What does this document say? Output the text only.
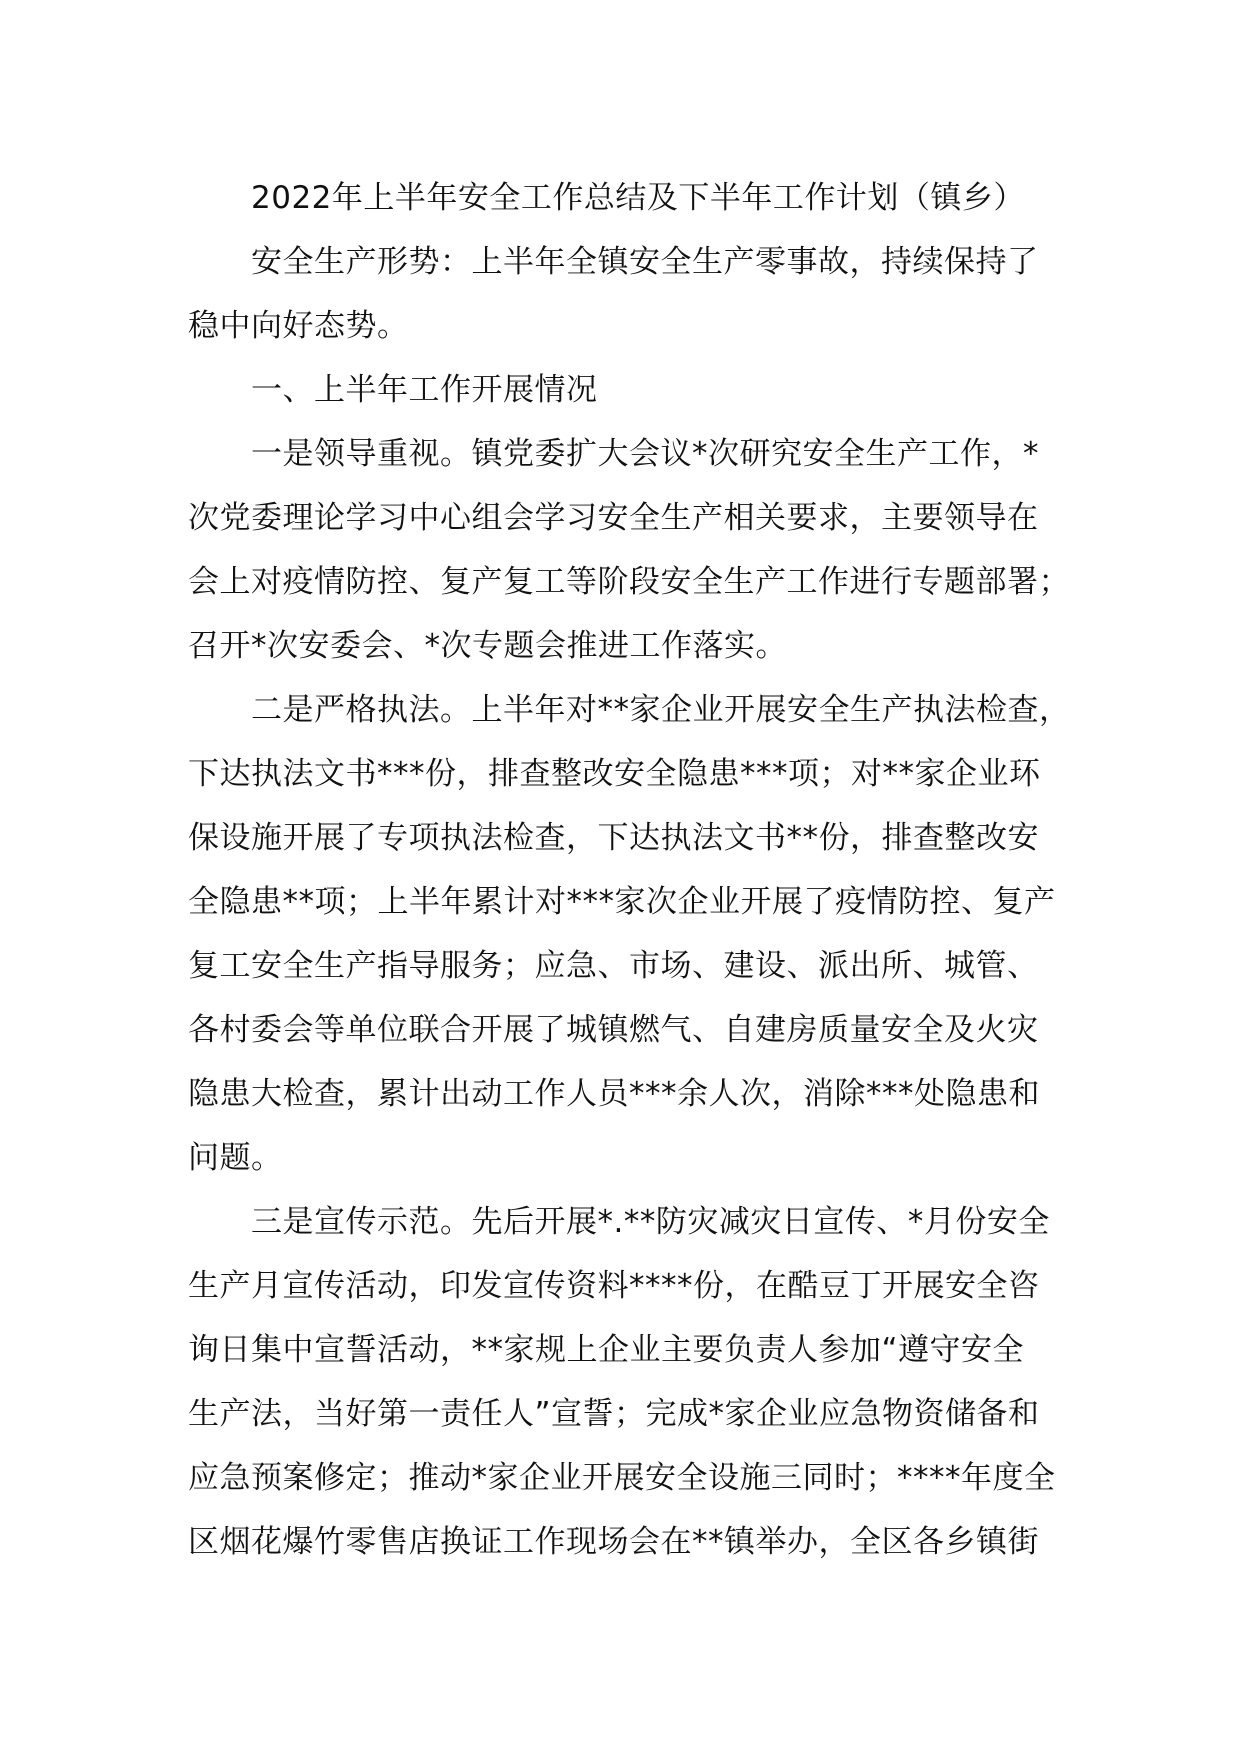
2022年上半年安全工作总结及下半年工作计划（镇乡）

安全生产形势：上半年全镇安全生产零事故，持续保持了
稳中向好态势。

一、上半年工作开展情况

一是领导重视。镇党委扩大会议*次研究安全生产工作，*
次党委理论学习中心组会学习安全生产相关要求，主要领导在
会上对疫情防控、复产复工等阶段安全生产工作进行专题部署；
召开*次安委会、*次专题会推进工作落实。

二是严格执法。上半年对**家企业开展安全生产执法检查，
下达执法文书***份，排查整改安全隐患***项；对**家企业环
保设施开展了专项执法检查，下达执法文书**份，排查整改安
全隐患**项；上半年累计对***家次企业开展了疫情防控、复产
复工安全生产指导服务；应急、市场、建设、派出所、城管、
各村委会等单位联合开展了城镇燃气、自建房质量安全及火灾
隐患大检查，累计出动工作人员***余人次，消除***处隐患和
问题。

三是宣传示范。先后开展*.**防灾减灾日宣传、*月份安全
生产月宣传活动，印发宣传资料****份，在酷豆丁开展安全咨
询日集中宣誓活动，**家规上企业主要负责人参加“遵守安全
生产法，当好第一责任人”宣誓；完成*家企业应急物资储备和
应急预案修定；推动*家企业开展安全设施三同时；****年度全
区烟花爆竹零售店换证工作现场会在**镇举办，全区各乡镇街
